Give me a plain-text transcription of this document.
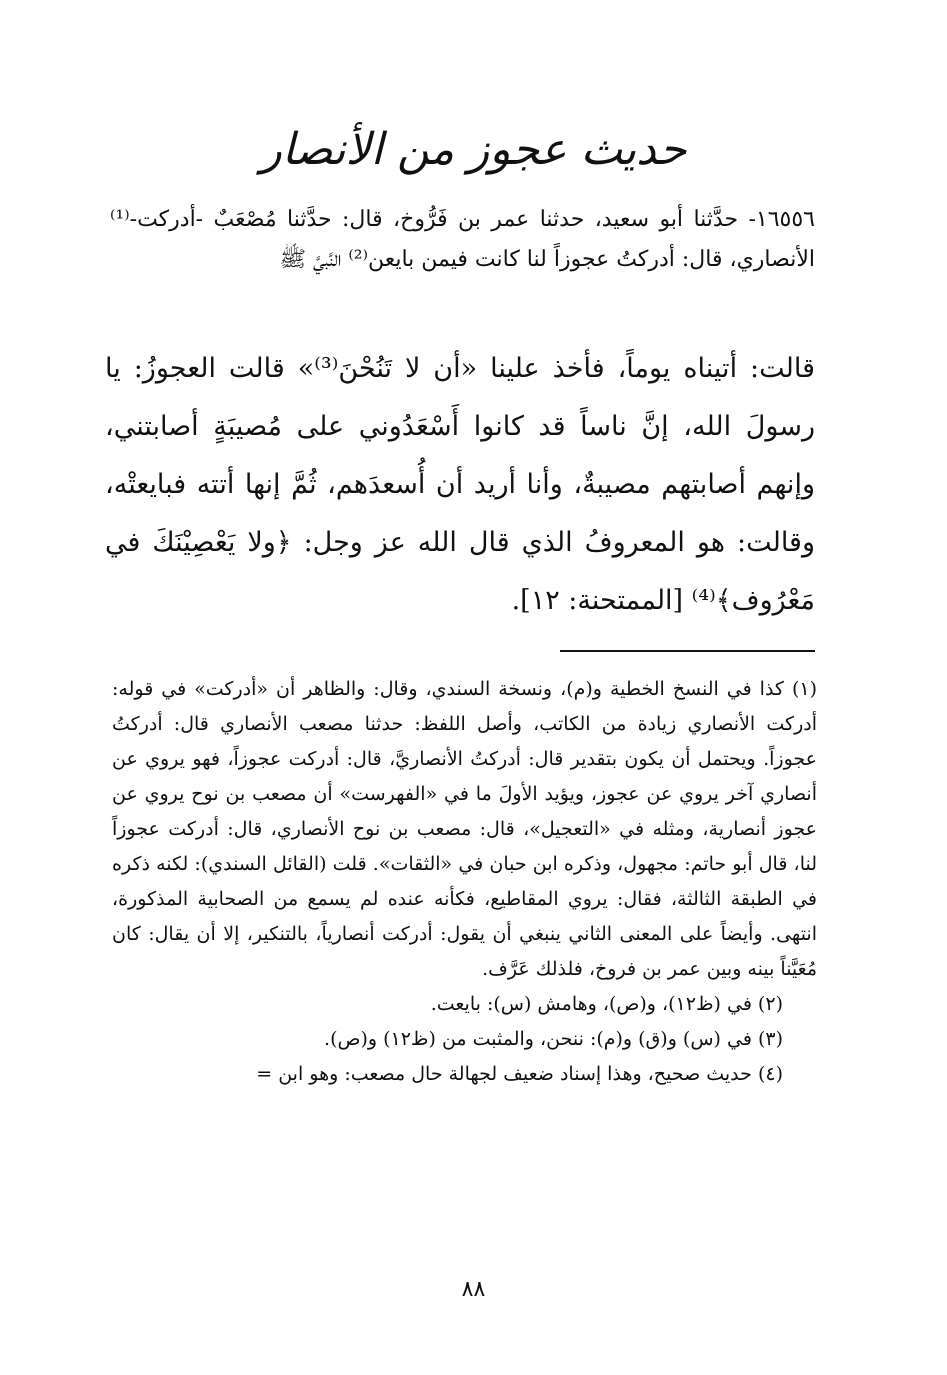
حديث عجوز من الأنصار

١٦٥٥٦- حدَّثنا أبو سعيد، حدثنا عمر بن فَرُّوخ، قال: حدَّثنا مُصْعَبٌ -أدركت-⁽¹⁾ الأنصاري، قال: أدركتُ عجوزاً لنا كانت فيمن بايعن⁽²⁾ النَّبيَّ ﷺ

قالت: أتيناه يوماً، فأخذ علينا «أن لا تَنُحْنَ⁽³⁾» قالت العجوزُ: يا رسولَ الله، إنَّ ناساً قد كانوا أَسْعَدُوني على مُصيبَةٍ أصابتني، وإنهم أصابتهم مصيبةٌ، وأنا أريد أن أُسعدَهم، ثُمَّ إنها أتته فبايعتْه، وقالت: هو المعروفُ الذي قال الله عز وجل: ﴿ولا يَعْصِيْنَكَ في مَعْرُوف﴾⁽⁴⁾ [الممتحنة: ١٢].

(١) كذا في النسخ الخطية و(م)، ونسخة السندي، وقال: والظاهر أن «أدركت» في قوله: أدركت الأنصاري زيادة من الكاتب، وأصل اللفظ: حدثنا مصعب الأنصاري قال: أدركتُ عجوزاً. ويحتمل أن يكون بتقدير قال: أدركتُ الأنصاريَّ، قال: أدركت عجوزاً، فهو يروي عن أنصاري آخر يروي عن عجوز، ويؤيد الأولَ ما في «الفهرست» أن مصعب بن نوح يروي عن عجوز أنصارية، ومثله في «التعجيل»، قال: مصعب بن نوح الأنصاري، قال: أدركت عجوزاً لنا، قال أبو حاتم: مجهول، وذكره ابن حبان في «الثقات». قلت (القائل السندي): لكنه ذكره في الطبقة الثالثة، فقال: يروي المقاطيع، فكأنه عنده لم يسمع من الصحابية المذكورة، انتهى. وأيضاً على المعنى الثاني ينبغي أن يقول: أدركت أنصارياً، بالتنكير، إلا أن يقال: كان مُعَيَّناً بينه وبين عمر بن فروخ، فلذلك عَرَّف.
(٢) في (ظ١٢)، و(ص)، وهامش (س): بايعت.
(٣) في (س) و(ق) و(م): ننحن، والمثبت من (ظ١٢) و(ص).
(٤) حديث صحيح، وهذا إسناد ضعيف لجهالة حال مصعب: وهو ابن =
٨٨
